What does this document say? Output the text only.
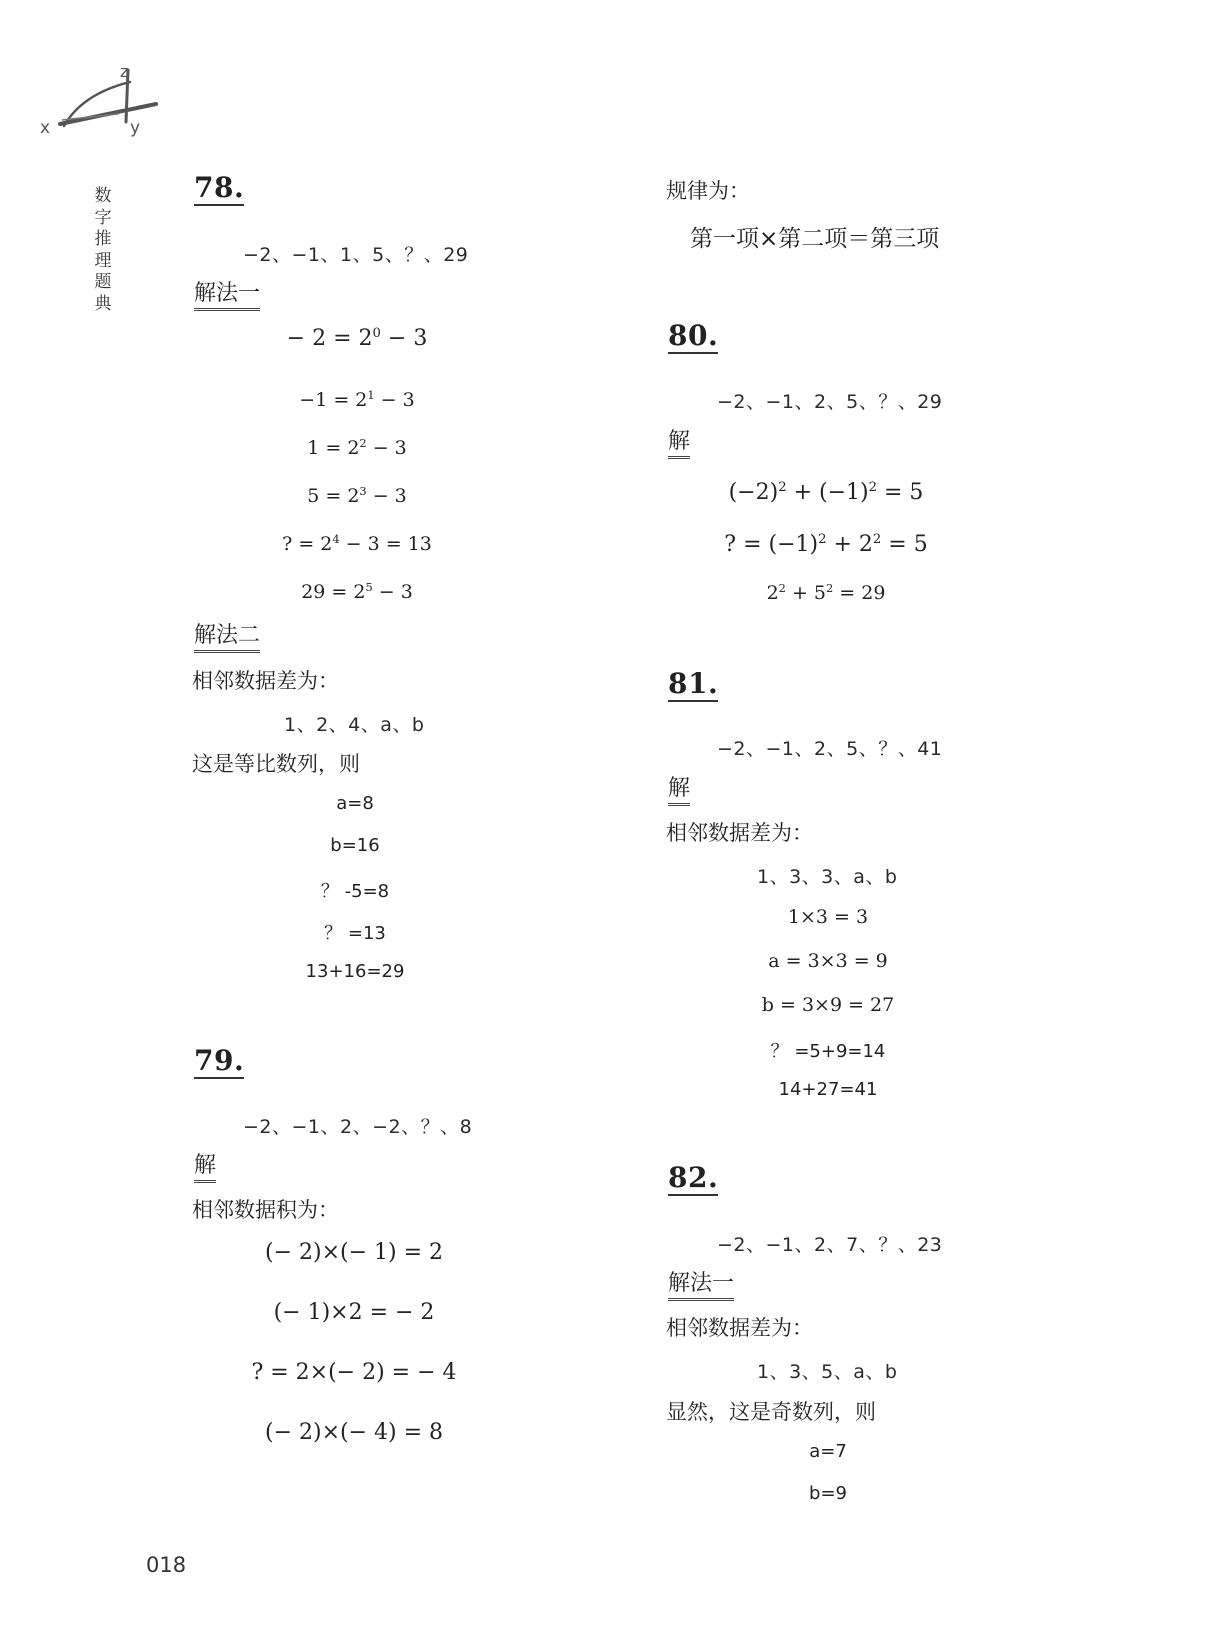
x	y
z
数
字
推
理
题
典
78.
−2、−1、1、5、？、29
解法一
− $2 = 2^0 - 3$
$-1 = 2^1 - 3$
$1 = 2^2 - 3$
$5 = 2^3 - 3$
? = $2^4 - 3 = 13$
$29 = 2^5 - 3$
解法二
相邻数据差为：
1、2、4、a、b
这是等比数列，则
a=8
b=16
？ -5=8
？ =13
13+16=29
79.
−2、−1、2、−2、？、8
解
相邻数据积为：
(− 2)×(− 1) = 2
(− 1)×2 = − 2
? = 2×(− 2) = − 4
(− 2)×(− 4) = 8
规律为：
第一项×第二项＝第三项
80.
−2、−1、2、5、？、29
解
$(-2)^2 + (-1)^2 = 5$
? = $(-1)^2 + 2^2 = 5$
$2^2 + 5^2 = 29$
81.
−2、−1、2、5、？、41
解
相邻数据差为：
1、3、3、a、b
1×3 = 3
a = 3×3 = 9
b = 3×9 = 27
？ =5+9=14
14+27=41
82.
−2、−1、2、7、？、23
解法一
相邻数据差为：
1、3、5、a、b
显然，这是奇数列，则
a=7
b=9
018
